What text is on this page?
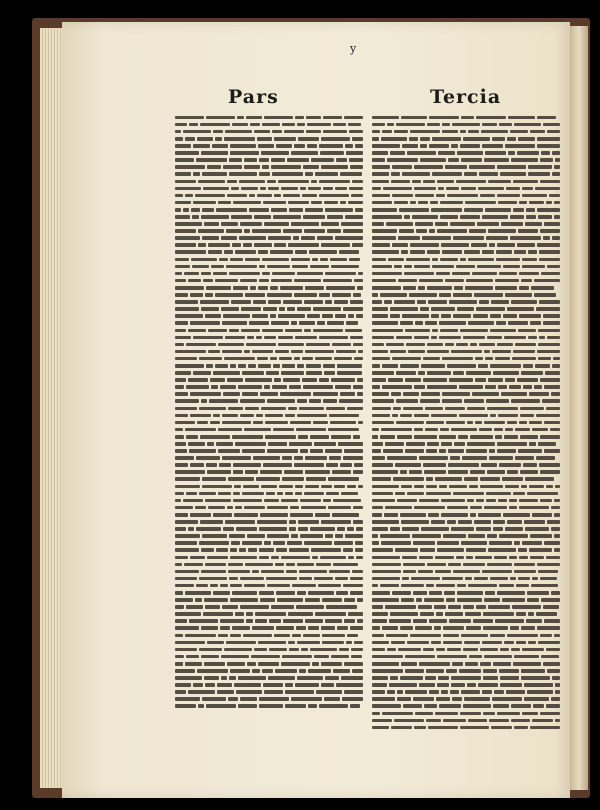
y
Pars	Tercia
